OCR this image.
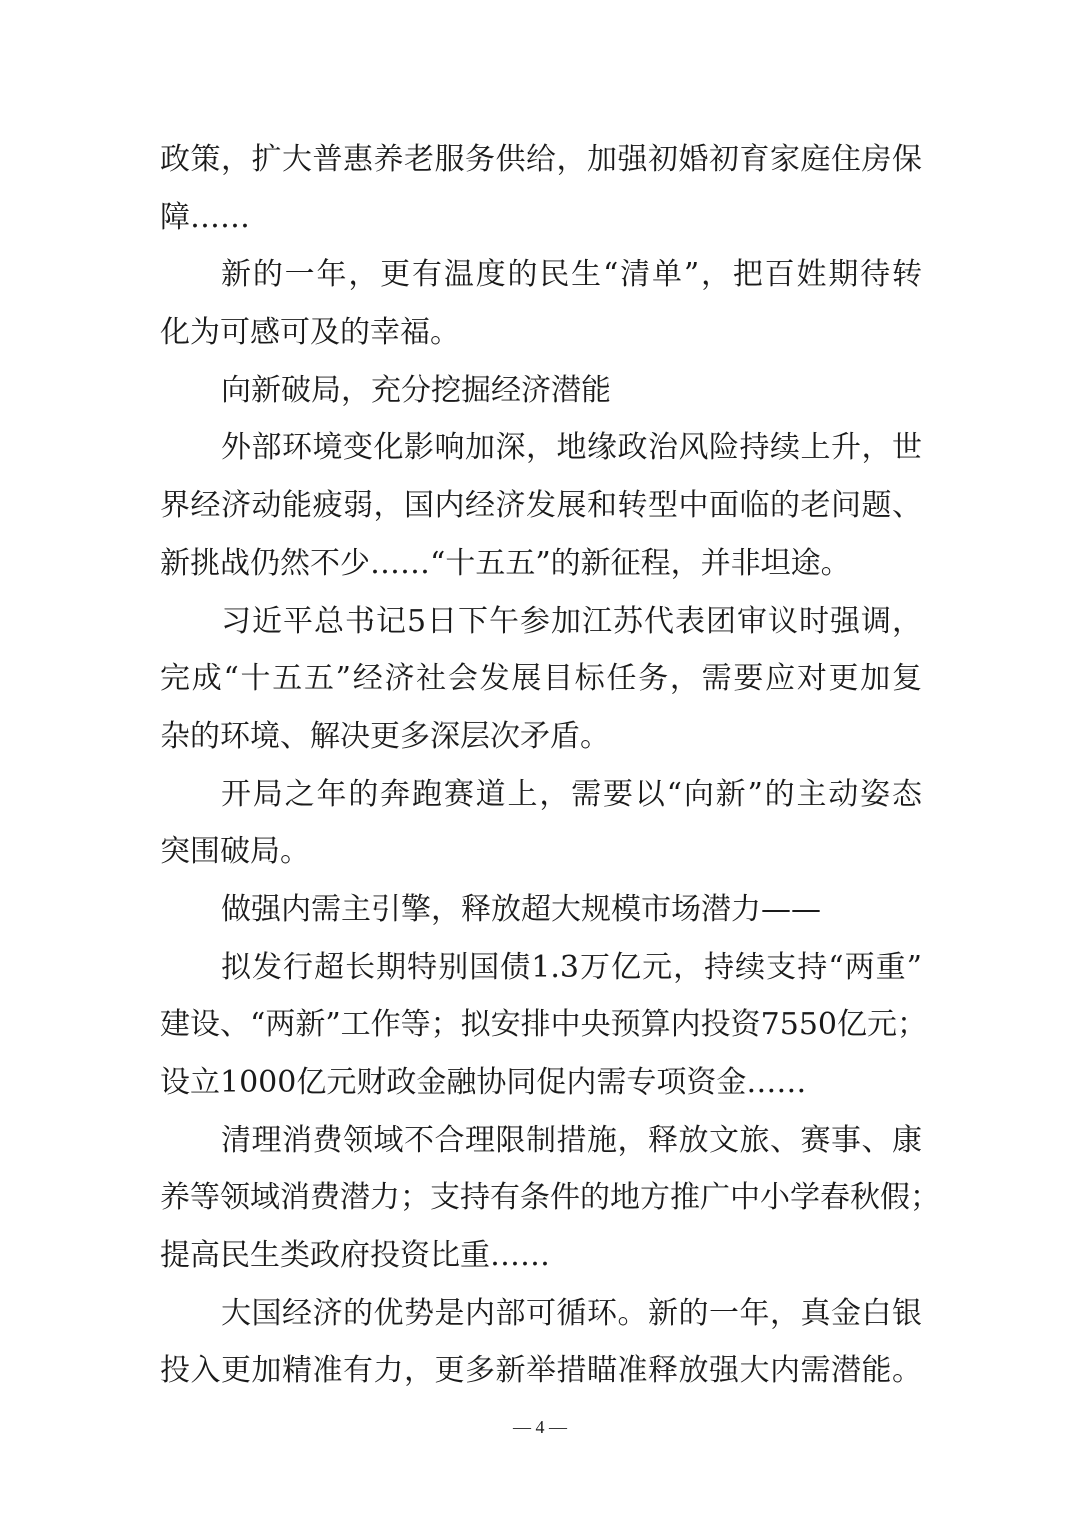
政策，扩大普惠养老服务供给，加强初婚初育家庭住房保
障……
新的一年，更有温度的民生“清单”，把百姓期待转
化为可感可及的幸福。
向新破局，充分挖掘经济潜能
外部环境变化影响加深，地缘政治风险持续上升，世
界经济动能疲弱，国内经济发展和转型中面临的老问题、
新挑战仍然不少……“十五五”的新征程，并非坦途。
习近平总书记5日下午参加江苏代表团审议时强调，
完成“十五五”经济社会发展目标任务，需要应对更加复
杂的环境、解决更多深层次矛盾。
开局之年的奔跑赛道上，需要以“向新”的主动姿态
突围破局。
做强内需主引擎，释放超大规模市场潜力——
拟发行超长期特别国债1.3万亿元，持续支持“两重”
建设、“两新”工作等；拟安排中央预算内投资7550亿元；
设立1000亿元财政金融协同促内需专项资金……
清理消费领域不合理限制措施，释放文旅、赛事、康
养等领域消费潜力；支持有条件的地方推广中小学春秋假；
提高民生类政府投资比重……
大国经济的优势是内部可循环。新的一年，真金白银
投入更加精准有力，更多新举措瞄准释放强大内需潜能。
— 4 —
